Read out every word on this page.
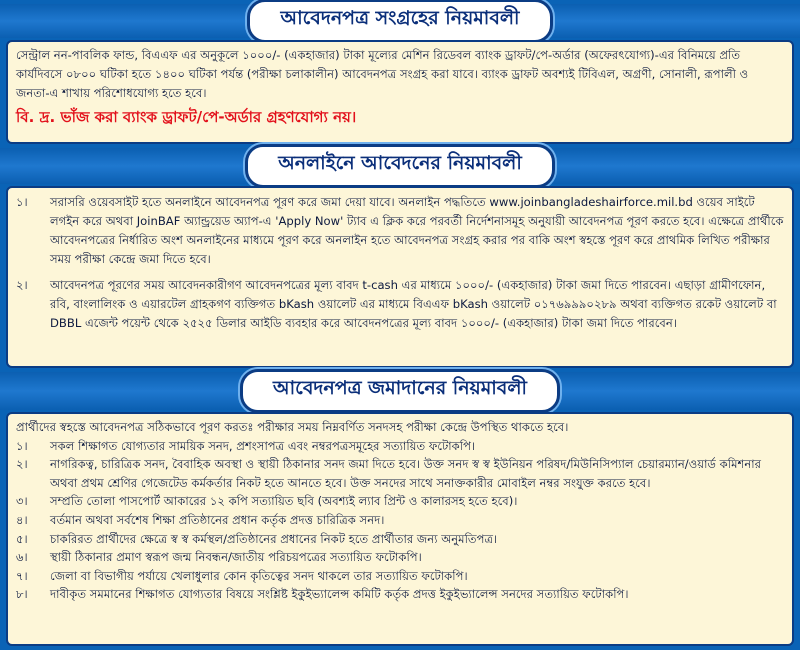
আবেদনপত্র সংগ্রহের নিয়মাবলী

সেন্ট্রাল নন-পাবলিক ফান্ড, বিএএফ এর অনুকূলে ১০০০/- (একহাজার) টাকা মূল্যের মেশিন রিডেবল ব্যাংক ড্রাফট/পে-অর্ডার (অফেরৎযোগ্য)-এর বিনিময়ে প্রতি কার্যদিবসে ০৮০০ ঘটিকা হতে ১৪০০ ঘটিকা পর্যন্ত (পরীক্ষা চলাকালীন) আবেদনপত্র সংগ্রহ করা যাবে। ব্যাংক ড্রাফট অবশ্যই টিবিএল, অগ্রণী, সোনালী, রূপালী ও জনতা-এ শাখায় পরিশোধযোগ্য হতে হবে।

বি. দ্র. ভাঁজ করা ব্যাংক ড্রাফট/পে-অর্ডার গ্রহণযোগ্য নয়।

অনলাইনে আবেদনের নিয়মাবলী
১।	সরাসরি ওয়েবসাইট হতে অনলাইনে আবেদনপত্র পূরণ করে জমা দেয়া যাবে। অনলাইন পদ্ধতিতে www.joinbangladeshairforce.mil.bd ওয়েব সাইটে লগইন করে অথবা JoinBAF অ্যান্ড্রয়েড অ্যাপ-এ 'Apply Now' ট্যাব এ ক্লিক করে পরবর্তী নির্দেশনাসমূহ অনুযায়ী আবেদনপত্র পূরণ করতে হবে। এক্ষেত্রে প্রার্থীকে আবেদনপত্রের নির্ধারিত অংশ অনলাইনের মাধ্যমে পূরণ করে অনলাইন হতে আবেদনপত্র সংগ্রহ করার পর বাকি অংশ স্বহস্তে পূরণ করে প্রাথমিক লিখিত পরীক্ষার সময় পরীক্ষা কেন্দ্রে জমা দিতে হবে।
২।	আবেদনপত্র পূরণের সময় আবেদনকারীগণ আবেদনপত্রের মূল্য বাবদ t-cash এর মাধ্যমে ১০০০/- (একহাজার) টাকা জমা দিতে পারবেন। এছাড়া গ্রামীণফোন, রবি, বাংলালিংক ও এয়ারটেল গ্রাহকগণ ব্যক্তিগত bKash ওয়ালেট এর মাধ্যমে বিএএফ bKash ওয়ালেট ০১৭৬৯৯৯০২৮৯ অথবা ব্যক্তিগত রকেট ওয়ালেট বা DBBL এজেন্ট পয়েন্ট থেকে ২৫২৫ ডিলার আইডি ব্যবহার করে আবেদনপত্রের মূল্য বাবদ ১০০০/- (একহাজার) টাকা জমা দিতে পারবেন।
আবেদনপত্র জমাদানের নিয়মাবলী

প্রার্থীদের স্বহস্তে আবেদনপত্র সঠিকভাবে পূরণ করতঃ পরীক্ষার সময় নিম্নবর্ণিত সনদসহ পরীক্ষা কেন্দ্রে উপস্থিত থাকতে হবে।

১।	সকল শিক্ষাগত যোগ্যতার সাময়িক সনদ, প্রশংসাপত্র এবং নম্বরপত্রসমূহের সত্যায়িত ফটোকপি।
২।	নাগরিকত্ব, চারিত্রিক সনদ, বৈবাহিক অবস্থা ও স্থায়ী ঠিকানার সনদ জমা দিতে হবে। উক্ত সনদ স্ব স্ব ইউনিয়ন পরিষদ/মিউনিসিপ্যাল চেয়ারম্যান/ওয়ার্ড কমিশনার অথবা প্রথম শ্রেণির গেজেটেড কর্মকর্তার নিকট হতে আনতে হবে। উক্ত সনদের সাথে সনাক্তকারীর মোবাইল নম্বর সংযুক্ত করতে হবে।
৩।	সম্প্রতি তোলা পাসপোর্ট আকারের ১২ কপি সত্যায়িত ছবি (অবশ্যই ল্যাব প্রিন্ট ও কালারসহ হতে হবে)।
৪।	বর্তমান অথবা সর্বশেষ শিক্ষা প্রতিষ্ঠানের প্রধান কর্তৃক প্রদত্ত চারিত্রিক সনদ।
৫।	চাকরিরত প্রার্থীদের ক্ষেত্রে স্ব স্ব কর্মস্থল/প্রতিষ্ঠানের প্রধানের নিকট হতে প্রার্থীতার জন্য অনুমতিপত্র।
৬।	স্থায়ী ঠিকানার প্রমাণ স্বরূপ জন্ম নিবন্ধন/জাতীয় পরিচয়পত্রের সত্যায়িত ফটোকপি।
৭।	জেলা বা বিভাগীয় পর্যায়ে খেলাধুলার কোন কৃতিত্বের সনদ থাকলে তার সত্যায়িত ফটোকপি।
৮।	দাবীকৃত সমমানের শিক্ষাগত যোগ্যতার বিষয়ে সংশ্লিষ্ট ইকুইভ্যালেন্স কমিটি কর্তৃক প্রদত্ত ইকুইভ্যালেন্স সনদের সত্যায়িত ফটোকপি।
